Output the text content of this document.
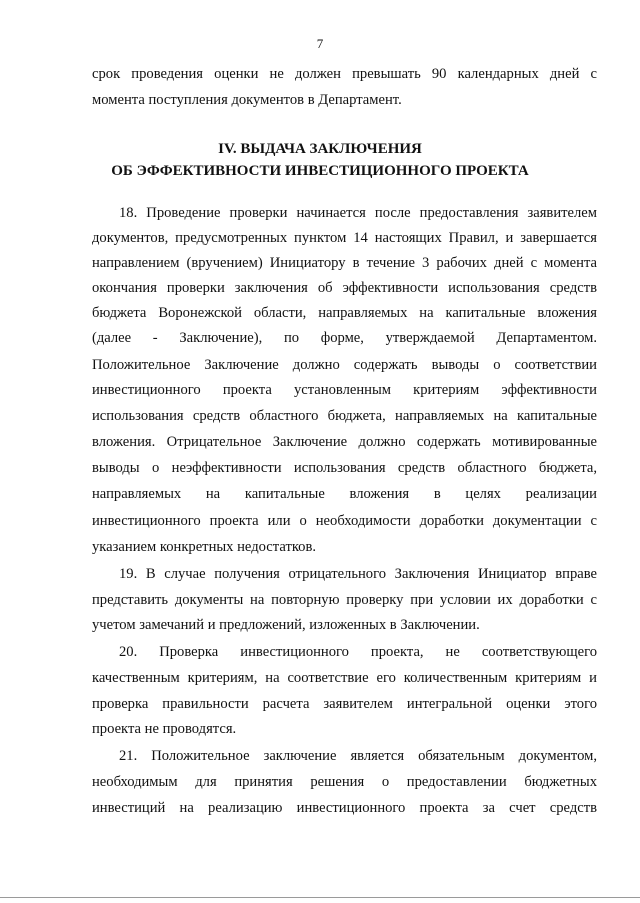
7
срок проведения оценки не должен превышать 90 календарных дней с
момента поступления документов в Департамент.
IV. ВЫДАЧА ЗАКЛЮЧЕНИЯ
ОБ ЭФФЕКТИВНОСТИ ИНВЕСТИЦИОННОГО ПРОЕКТА
18. Проведение проверки начинается после предоставления заявителем
документов, предусмотренных пунктом 14 настоящих Правил, и завершается
направлением (вручением) Инициатору в течение 3 рабочих дней с момента
окончания проверки заключения об эффективности использования средств
бюджета Воронежской области, направляемых на капитальные вложения
(далее - Заключение), по форме, утверждаемой Департаментом.
Положительное Заключение должно содержать выводы о соответствии
инвестиционного проекта установленным критериям эффективности
использования средств областного бюджета, направляемых на капитальные
вложения. Отрицательное Заключение должно содержать мотивированные
выводы о неэффективности использования средств областного бюджета,
направляемых на капитальные вложения в целях реализации
инвестиционного проекта или о необходимости доработки документации с
указанием конкретных недостатков.
19. В случае получения отрицательного Заключения Инициатор вправе
представить документы на повторную проверку при условии их доработки с
учетом замечаний и предложений, изложенных в Заключении.
20. Проверка инвестиционного проекта, не соответствующего
качественным критериям, на соответствие его количественным критериям и
проверка правильности расчета заявителем интегральной оценки этого
проекта не проводятся.
21. Положительное заключение является обязательным документом,
необходимым для принятия решения о предоставлении бюджетных
инвестиций на реализацию инвестиционного проекта за счет средств
